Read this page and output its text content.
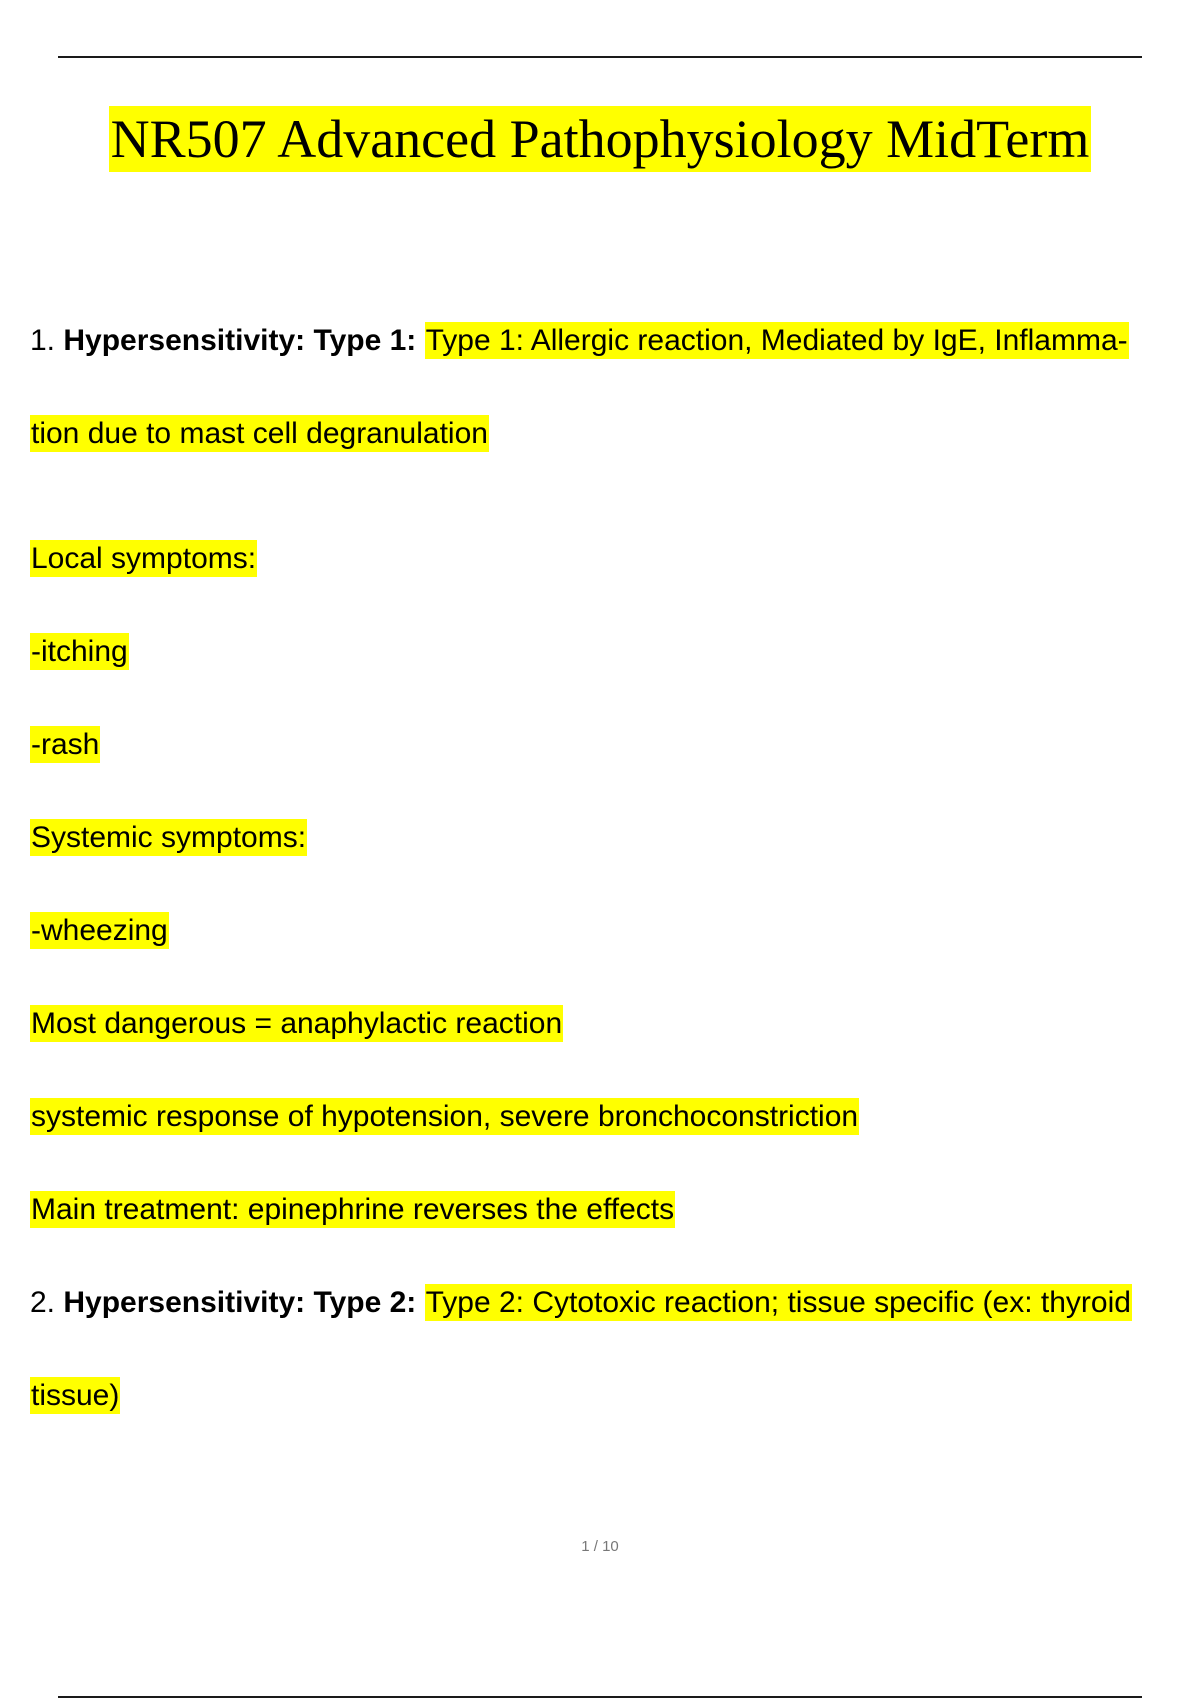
NR507 Advanced Pathophysiology MidTerm
1. Hypersensitivity: Type 1: Type 1: Allergic reaction, Mediated by IgE, Inflamma-
tion due to mast cell degranulation
Local symptoms:
-itching
-rash
Systemic symptoms:
-wheezing
Most dangerous = anaphylactic reaction
systemic response of hypotension, severe bronchoconstriction
Main treatment: epinephrine reverses the effects
2. Hypersensitivity: Type 2: Type 2: Cytotoxic reaction; tissue specific (ex: thyroid
tissue)
1 / 10
